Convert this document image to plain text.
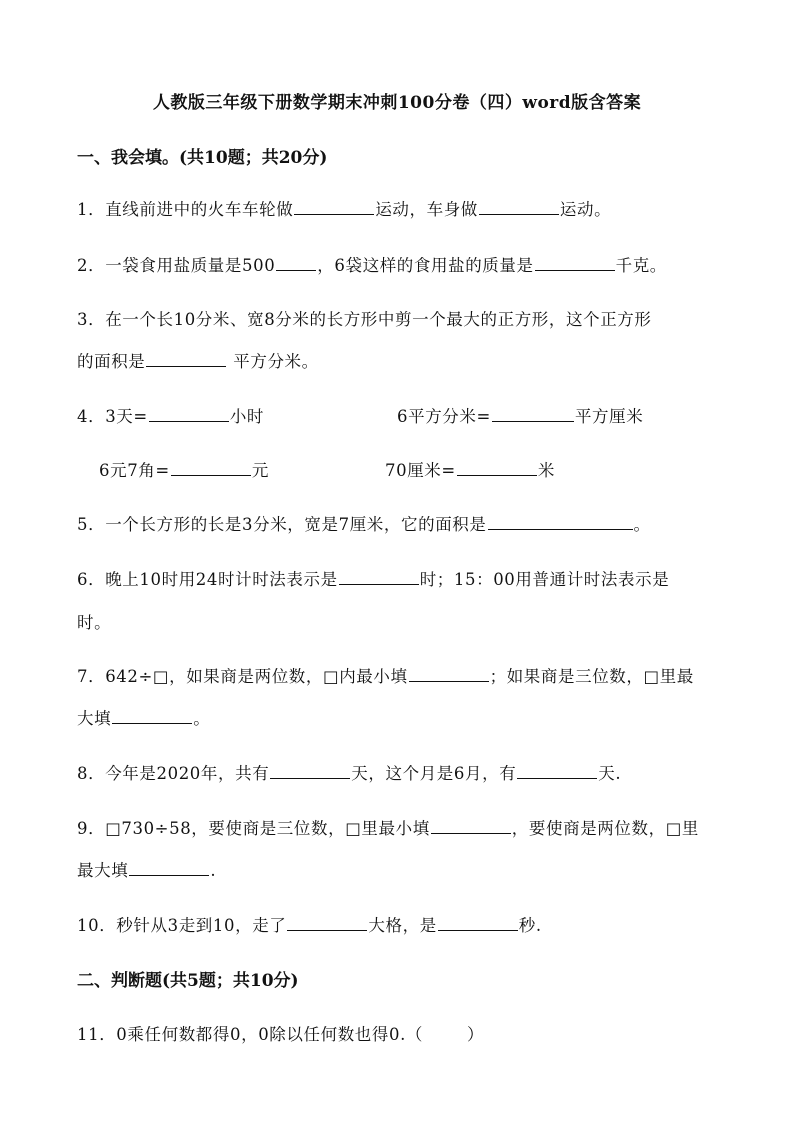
人教版三年级下册数学期末冲刺100分卷（四）word版含答案
一、我会填。(共10题；共20分)
1．直线前进中的火车车轮做	运动，车身做	运动。
2．一袋食用盐质量是500	，6袋这样的食用盐的质量是	千克。
3．在一个长10分米、宽8分米的长方形中剪一个最大的正方形，这个正方形
的面积是	平方分米。
4．3天=	小时	6平方分米=	平方厘米
6元7角=	元	70厘米=	米
5．一个长方形的长是3分米，宽是7厘米，它的面积是	。
6．晚上10时用24时计时法表示是	时；15：00用普通计时法表示是
时。
7．642÷□，如果商是两位数，□内最小填	；如果商是三位数，□里最
大填	。
8．今年是2020年，共有	天，这个月是6月，有	天.
9．□730÷58，要使商是三位数，□里最小填	，要使商是两位数，□里
最大填	.
10．秒针从3走到10，走了	大格，是	秒.
二、判断题(共5题；共10分)
11．0乘任何数都得0，0除以任何数也得0.（	）
